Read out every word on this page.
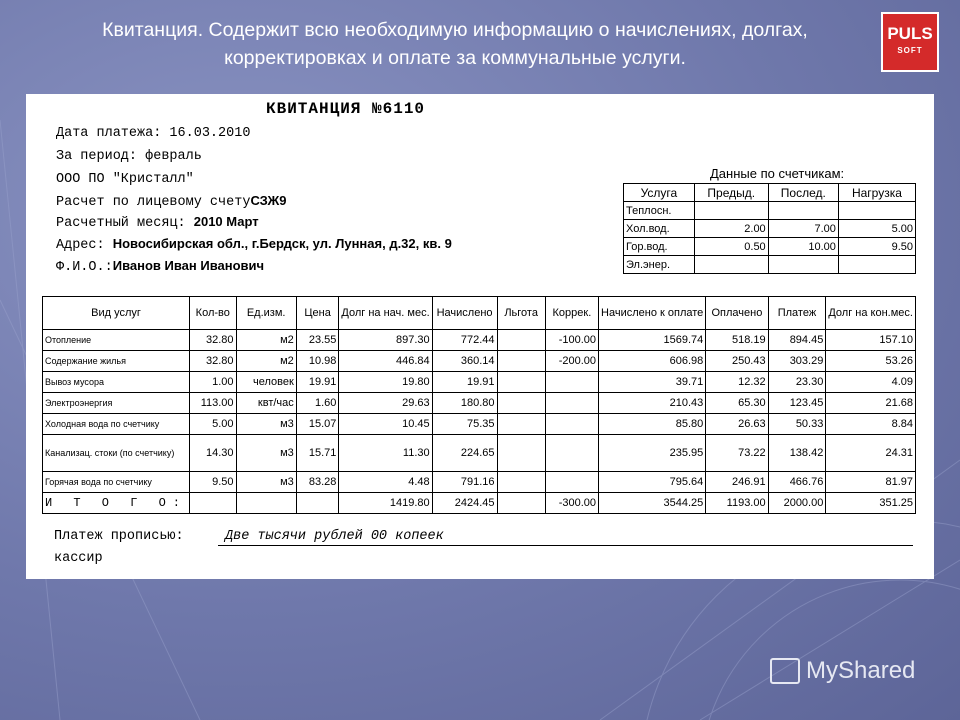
Квитанция. Содержит всю необходимую информацию о начислениях, долгах, корректировках и оплате за коммунальные услуги.
PULS
SOFT
КВИТАНЦИЯ №6110
Дата платежа: 16.03.2010
За период: февраль
ООО ПО "Кристалл"
Расчет по лицевому счетуСЗЖ9
Расчетный месяц: 2010 Март
Адрес: Новосибирская обл., г.Бердск, ул. Лунная, д.32, кв. 9
Ф.И.О.:Иванов Иван Иванович
Данные по счетчикам:
Услуга	Предыд.	Послед.	Нагрузка
Теплосн.			
Хол.вод.	2.00	7.00	5.00
Гор.вод.	0.50	10.00	9.50
Эл.энер.			
Вид услуг	Кол-во	Ед.изм.	Цена	Долг на нач. мес.	Начислено	Льгота	Коррек.	Начислено к оплате	Оплачено	Платеж	Долг на кон.мес.
Отопление	32.80	м2	23.55	897.30	772.44		-100.00	1569.74	518.19	894.45	157.10
Содержание жилья	32.80	м2	10.98	446.84	360.14		-200.00	606.98	250.43	303.29	53.26
Вывоз мусора	1.00	человек	19.91	19.80	19.91			39.71	12.32	23.30	4.09
Электроэнергия	113.00	квт/час	1.60	29.63	180.80			210.43	65.30	123.45	21.68
Холодная вода по счетчику	5.00	м3	15.07	10.45	75.35			85.80	26.63	50.33	8.84
Канализац. стоки (по счетчику)	14.30	м3	15.71	11.30	224.65			235.95	73.22	138.42	24.31
Горячая вода по счетчику	9.50	м3	83.28	4.48	791.16			795.64	246.91	466.76	81.97
И Т О Г О:				1419.80	2424.45		-300.00	3544.25	1193.00	2000.00	351.25
Платеж прописью:	Две тысячи рублей 00 копеек
кассир
MyShared
